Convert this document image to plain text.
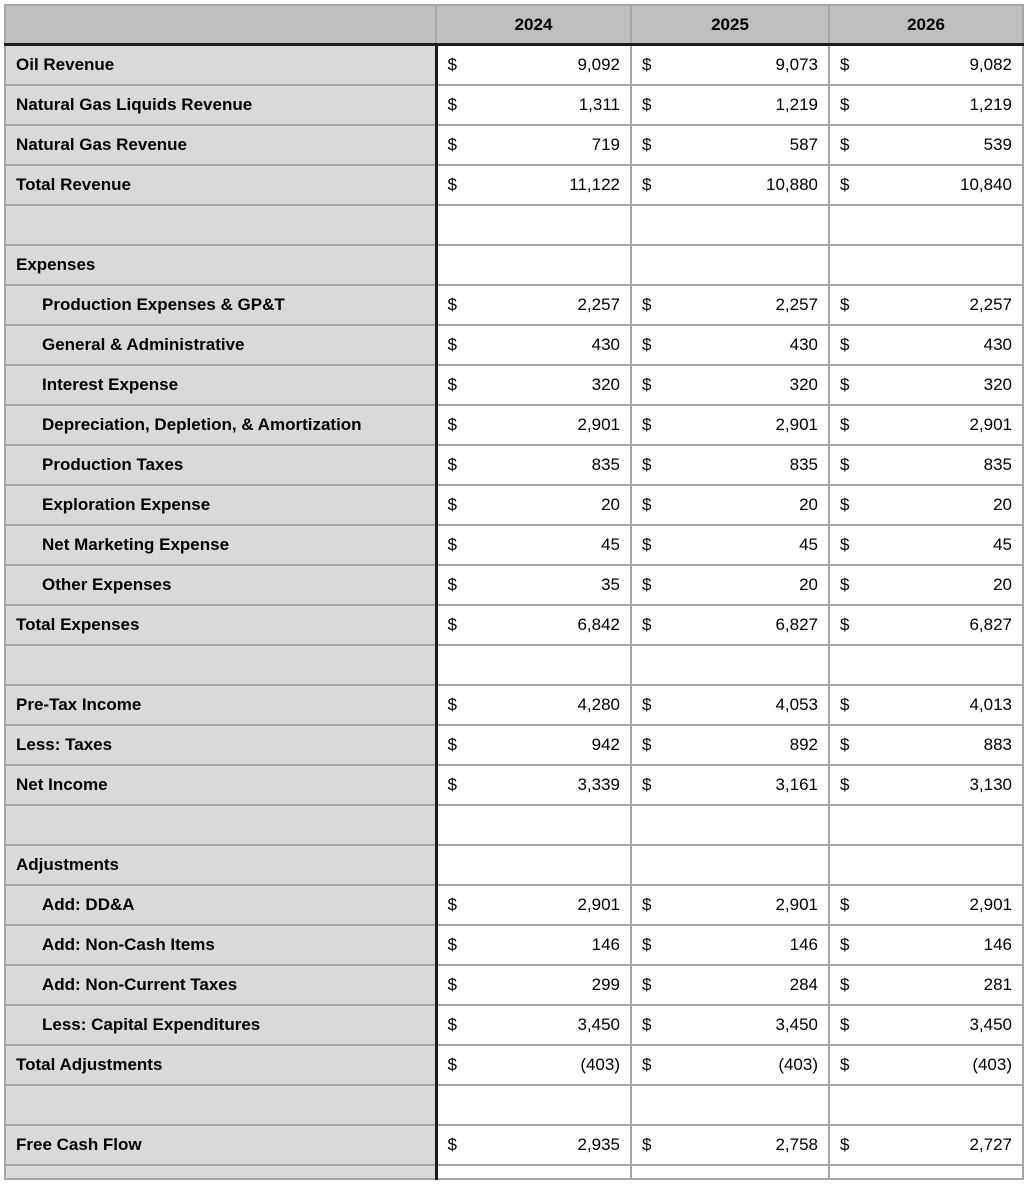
	2024	2025	2026
Oil Revenue	$ 9,092	$ 9,073	$ 9,082

Natural Gas Liquids Revenue	$ 1,311	$ 1,219	$ 1,219

Natural Gas Revenue	$ 719	$ 587	$ 539

Total Revenue	$ 11,122	$ 10,880	$ 10,840

Expenses	

Production Expenses & GP&T	$ 2,257	$ 2,257	$ 2,257

General & Administrative	$ 430	$ 430	$ 430

Interest Expense	$ 320	$ 320	$ 320

Depreciation, Depletion, & Amortization	$ 2,901	$ 2,901	$ 2,901

Production Taxes	$ 835	$ 835	$ 835

Exploration Expense	$ 20	$ 20	$ 20

Net Marketing Expense	$ 45	$ 45	$ 45

Other Expenses	$ 35	$ 20	$ 20

Total Expenses	$ 6,842	$ 6,827	$ 6,827

Pre-Tax Income	$ 4,280	$ 4,053	$ 4,013

Less: Taxes	$ 942	$ 892	$ 883

Net Income	$ 3,339	$ 3,161	$ 3,130

Adjustments	

Add: DD&A	$ 2,901	$ 2,901	$ 2,901

Add: Non-Cash Items	$ 146	$ 146	$ 146

Add: Non-Current Taxes	$ 299	$ 284	$ 281

Less: Capital Expenditures	$ 3,450	$ 3,450	$ 3,450

Total Adjustments	$ (403)	$ (403)	$ (403)

Free Cash Flow	$ 2,935	$ 2,758	$ 2,727
